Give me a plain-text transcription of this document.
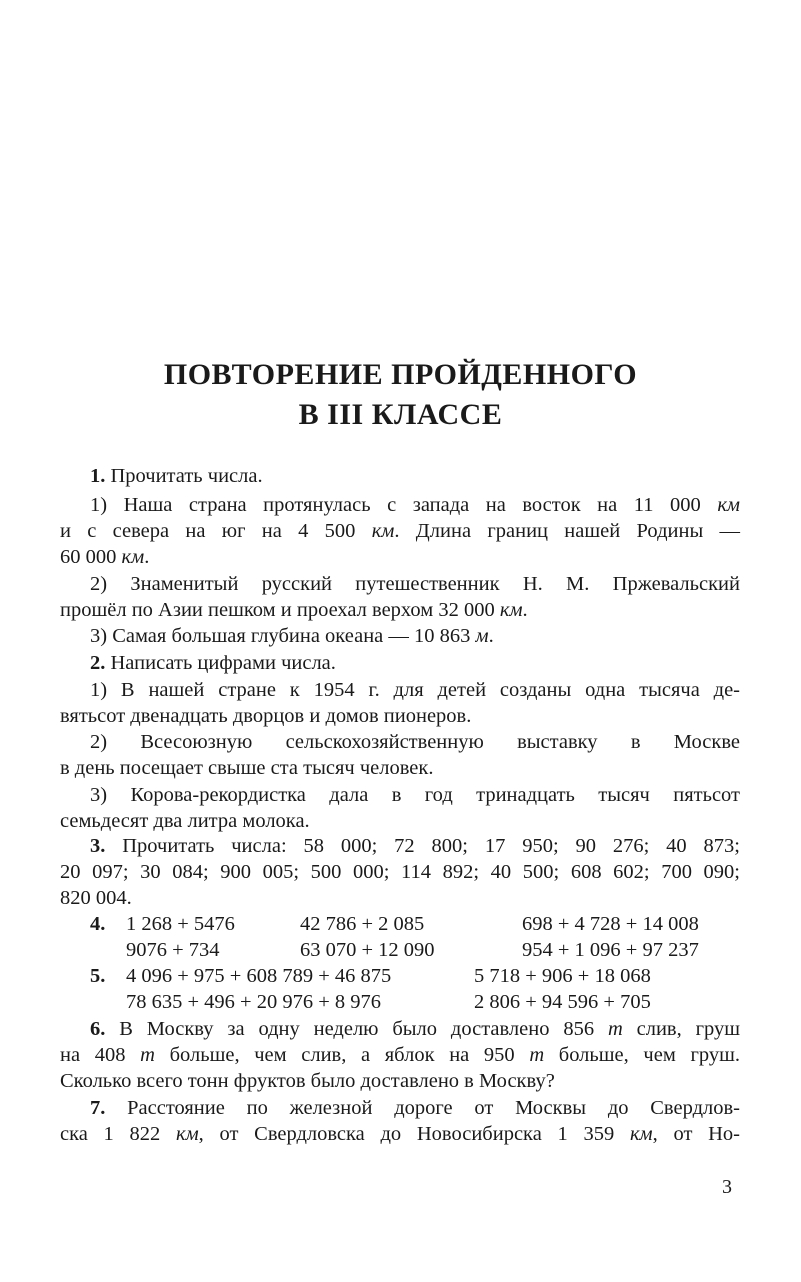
ПОВТОРЕНИЕ ПРОЙДЕННОГО
В III КЛАССЕ
1. Прочитать числа.
1) Наша страна протянулась с запада на восток на 11 000 км
и с севера на юг на 4 500 км. Длина границ нашей Родины —
60 000 км.
2) Знаменитый русский путешественник Н. М. Пржевальский
прошёл по Азии пешком и проехал верхом 32 000 км.
3) Самая большая глубина океана — 10 863 м.
2. Написать цифрами числа.
1) В нашей стране к 1954 г. для детей созданы одна тысяча де-
вятьсот двенадцать дворцов и домов пионеров.
2) Всесоюзную сельскохозяйственную выставку в Москве
в день посещает свыше ста тысяч человек.
3) Корова-рекордистка дала в год тринадцать тысяч пятьсот
семьдесят два литра молока.
3. Прочитать числа: 58 000; 72 800; 17 950; 90 276; 40 873;
20 097; 30 084; 900 005; 500 000; 114 892; 40 500; 608 602; 700 090;
820 004.
4. 1 268 + 5476	42 786 + 2 085	698 + 4 728 + 14 008
9076 + 734	63 070 + 12 090	954 + 1 096 + 97 237
5. 4 096 + 975 + 608 789 + 46 875	5 718 + 906 + 18 068
78 635 + 496 + 20 976 + 8 976	2 806 + 94 596 + 705
6. В Москву за одну неделю было доставлено 856 т слив, груш
на 408 т больше, чем слив, а яблок на 950 т больше, чем груш.
Сколько всего тонн фруктов было доставлено в Москву?
7. Расстояние по железной дороге от Москвы до Свердлов-
ска 1 822 км, от Свердловска до Новосибирска 1 359 км, от Но-
3
